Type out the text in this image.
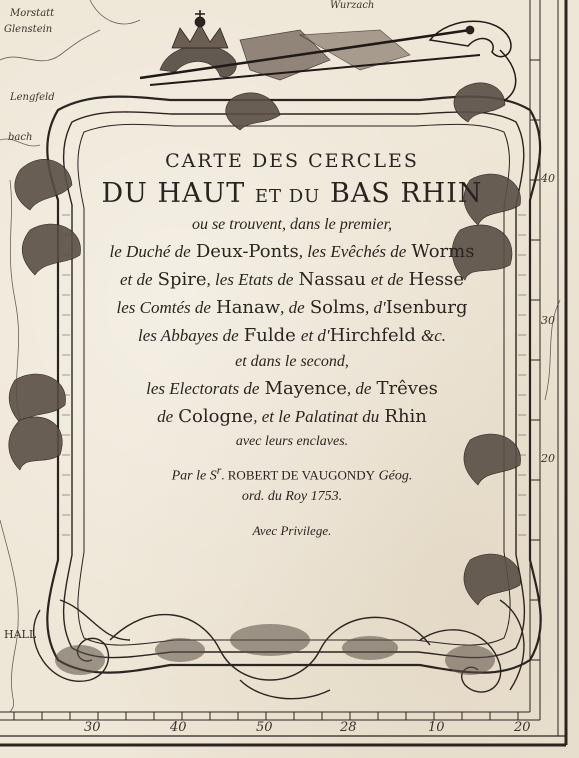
Morstatt
Glenstein
Lengfeld
bach
HALL
Wurzach
30	40	50	28	10	20
40
30
20
CARTE DES CERCLES
DU HAUT ET DU BAS RHIN
ou se trouvent, dans le premier,
le Duché de Deux-Ponts, les Evêchés de Worms
et de Spire, les Etats de Nassau et de Hesse
les Comtés de Hanaw, de Solms, d'Isenburg
les Abbayes de Fulde et d'Hirchfeld &c.
et dans le second,
les Electorats de Mayence, de Trêves
de Cologne, et le Palatinat du Rhin
avec leurs enclaves.
Par le $S^r$. ROBERT DE VAUGONDY Géog.
ord. du Roy 1753.
Avec Privilege.
